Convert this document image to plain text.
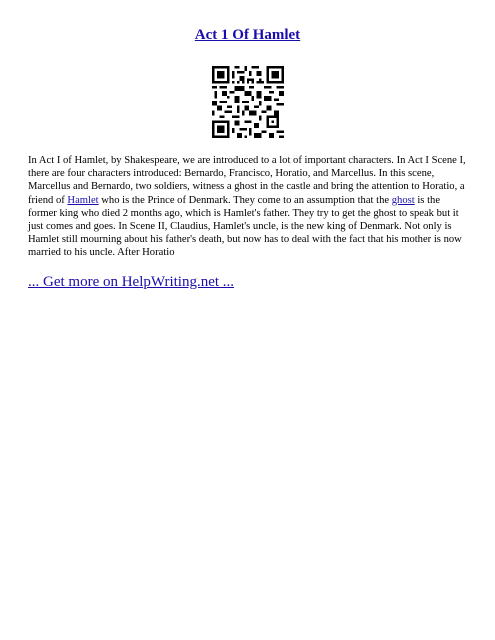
Act 1 Of Hamlet

In Act I of Hamlet, by Shakespeare, we are introduced to a lot of important characters. In Act I Scene I, there are four characters introduced: Bernardo, Francisco, Horatio, and Marcellus. In this scene, Marcellus and Bernardo, two soldiers, witness a ghost in the castle and bring the attention to Horatio, a friend of Hamlet who is the Prince of Denmark. They come to an assumption that the ghost is the former king who died 2 months ago, which is Hamlet's father. They try to get the ghost to speak but it just comes and goes. In Scene II, Claudius, Hamlet's uncle, is the new king of Denmark. Not only is Hamlet still mourning about his father's death, but now has to deal with the fact that his mother is now married to his uncle. After Horatio

... Get more on HelpWriting.net ...
